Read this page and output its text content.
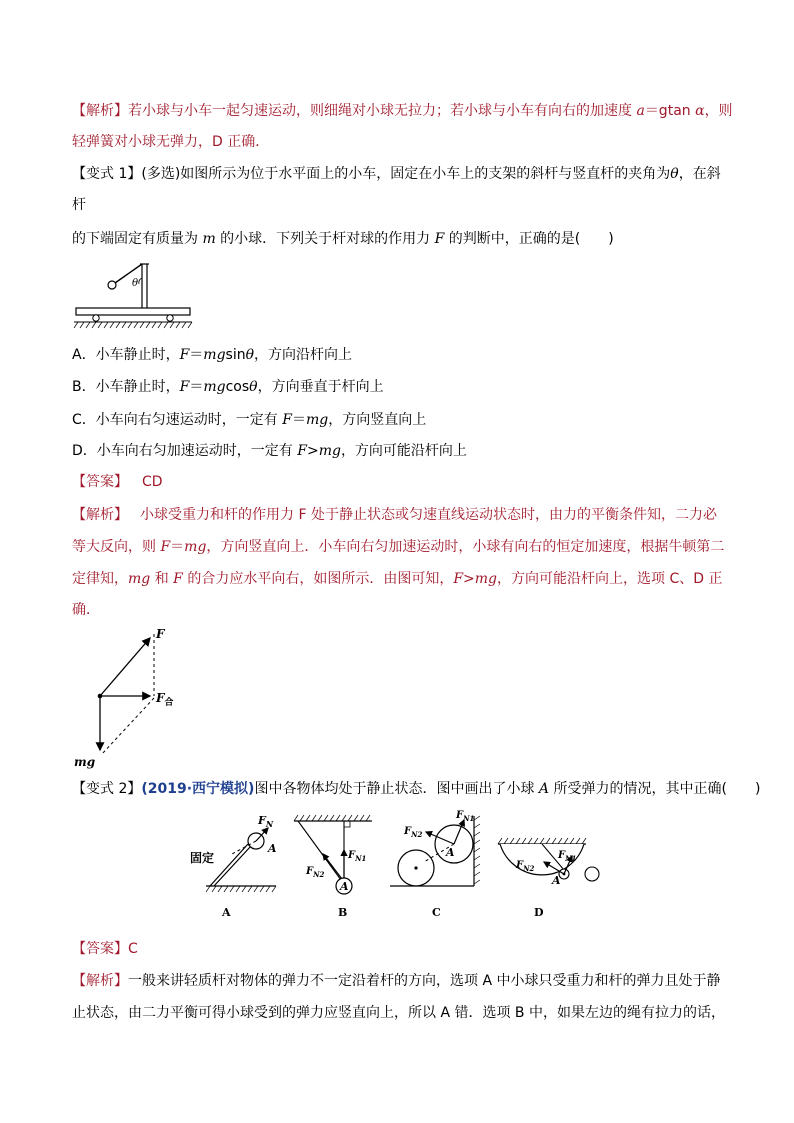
【解析】若小球与小车一起匀速运动，则细绳对小球无拉力；若小球与小车有向右的加速度 a＝gtan α，则
轻弹簧对小球无弹力，D 正确．
【变式 1】(多选)如图所示为位于水平面上的小车，固定在小车上的支架的斜杆与竖直杆的夹角为θ，在斜
杆
的下端固定有质量为 m 的小球．下列关于杆对球的作用力 F 的判断中，正确的是(　　)
θ
A．小车静止时，F＝mgsinθ，方向沿杆向上
B．小车静止时，F＝mgcosθ，方向垂直于杆向上
C．小车向右匀速运动时，一定有 F＝mg，方向竖直向上
D．小车向右匀加速运动时，一定有 F>mg，方向可能沿杆向上
【答案】 CD
【解析】 小球受重力和杆的作用力 F 处于静止状态或匀速直线运动状态时，由力的平衡条件知，二力必
等大反向，则 F＝mg，方向竖直向上．小车向右匀加速运动时，小球有向右的恒定加速度，根据牛顿第二
定律知，mg 和 F 的合力应水平向右，如图所示．由图可知，F>mg，方向可能沿杆向上，选项 C、D 正
确．
F
$F_合$
mg
【变式 2】(2019·西宁模拟)图中各物体均处于静止状态．图中画出了小球 A 所受弹力的情况，其中正确(　　)
$F_N$
A
固定
A
A
$F_{N1}$
$F_{N2}$
B
A
$F_{N1}$
$F_{N2}$
C
A
$F_{N1}$
$F_{N2}$
D
【答案】C
【解析】一般来讲轻质杆对物体的弹力不一定沿着杆的方向，选项 A 中小球只受重力和杆的弹力且处于静
止状态，由二力平衡可得小球受到的弹力应竖直向上，所以 A 错．选项 B 中，如果左边的绳有拉力的话，
